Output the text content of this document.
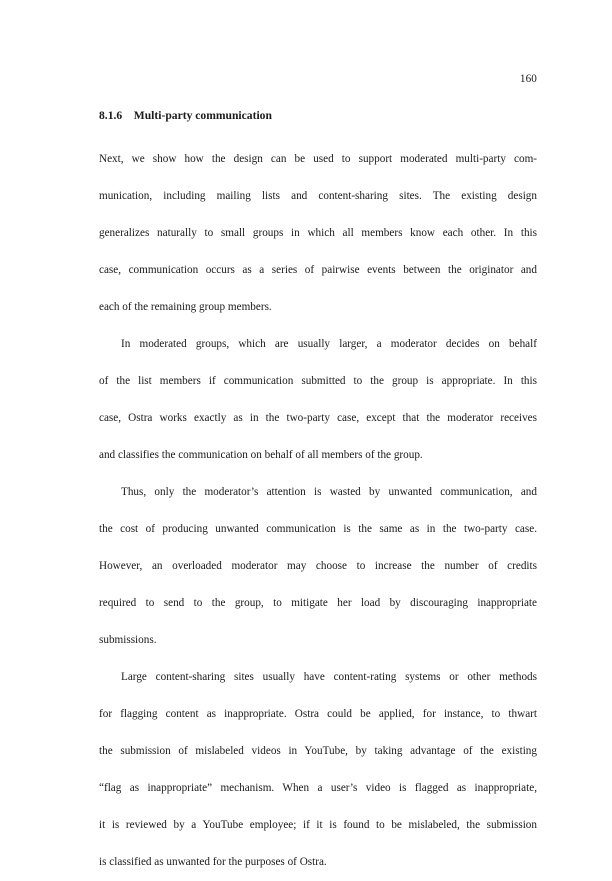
160
8.1.6    Multi-party communication
Next, we show how the design can be used to support moderated multi-party com-
munication, including mailing lists and content-sharing sites. The existing design
generalizes naturally to small groups in which all members know each other. In this
case, communication occurs as a series of pairwise events between the originator and
each of the remaining group members.
In moderated groups, which are usually larger, a moderator decides on behalf
of the list members if communication submitted to the group is appropriate. In this
case, Ostra works exactly as in the two-party case, except that the moderator receives
and classifies the communication on behalf of all members of the group.
Thus, only the moderator’s attention is wasted by unwanted communication, and
the cost of producing unwanted communication is the same as in the two-party case.
However, an overloaded moderator may choose to increase the number of credits
required to send to the group, to mitigate her load by discouraging inappropriate
submissions.
Large content-sharing sites usually have content-rating systems or other methods
for flagging content as inappropriate. Ostra could be applied, for instance, to thwart
the submission of mislabeled videos in YouTube, by taking advantage of the existing
“flag as inappropriate” mechanism. When a user’s video is flagged as inappropriate,
it is reviewed by a YouTube employee; if it is found to be mislabeled, the submission
is classified as unwanted for the purposes of Ostra.
